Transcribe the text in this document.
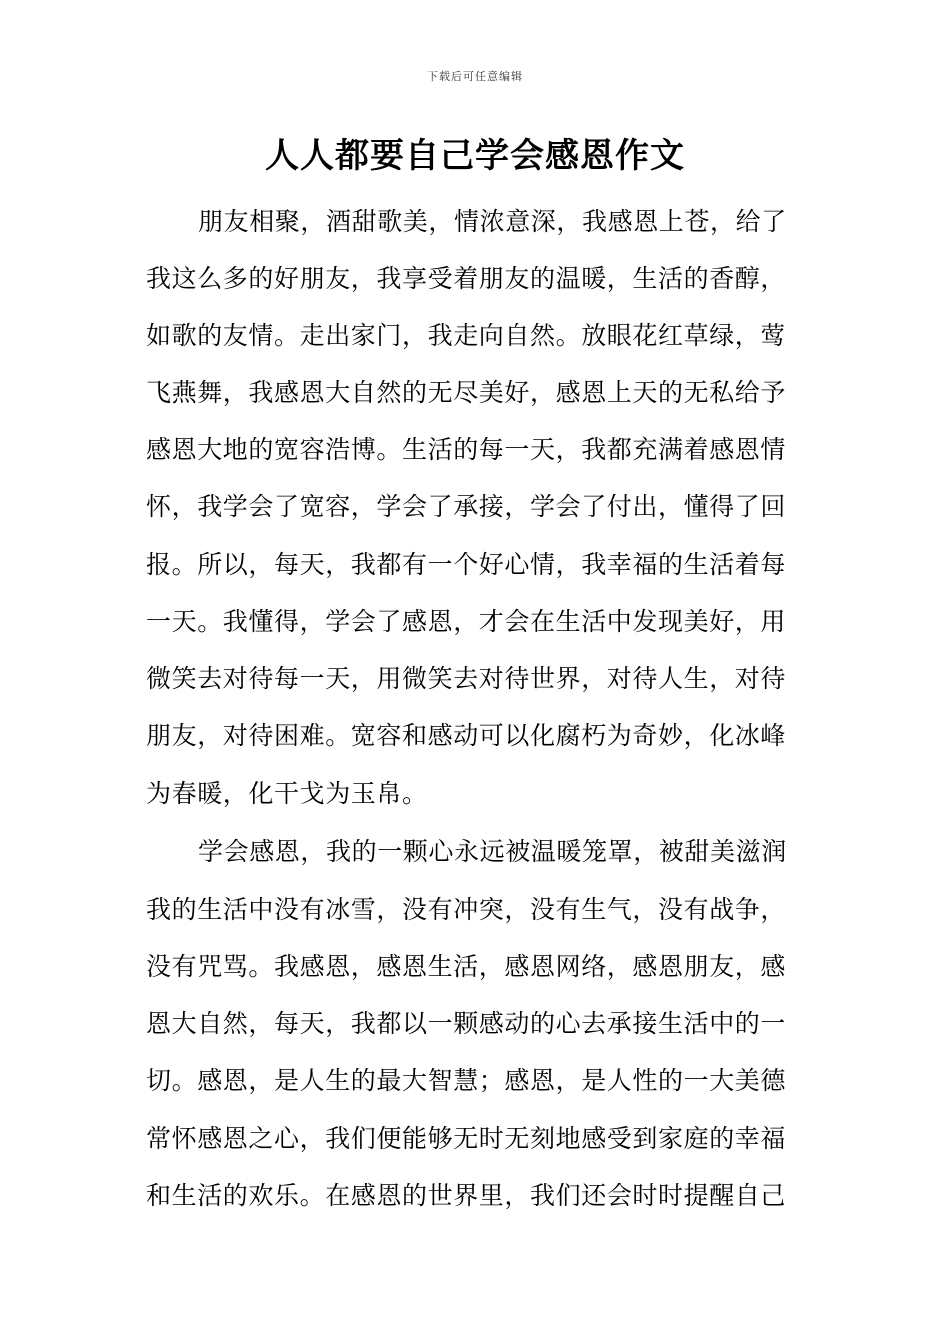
下载后可任意编辑
人人都要自己学会感恩作文
朋友相聚，酒甜歌美，情浓意深，我感恩上苍，给了
我这么多的好朋友，我享受着朋友的温暖，生活的香醇，
如歌的友情。走出家门，我走向自然。放眼花红草绿，莺
飞燕舞，我感恩大自然的无尽美好，感恩上天的无私给予
感恩大地的宽容浩博。生活的每一天，我都充满着感恩情
怀，我学会了宽容，学会了承接，学会了付出，懂得了回
报。所以，每天，我都有一个好心情，我幸福的生活着每
一天。我懂得，学会了感恩，才会在生活中发现美好，用
微笑去对待每一天，用微笑去对待世界，对待人生，对待
朋友，对待困难。宽容和感动可以化腐朽为奇妙，化冰峰
为春暖，化干戈为玉帛。
学会感恩，我的一颗心永远被温暖笼罩，被甜美滋润
我的生活中没有冰雪，没有冲突，没有生气，没有战争，
没有咒骂。我感恩，感恩生活，感恩网络，感恩朋友，感
恩大自然，每天，我都以一颗感动的心去承接生活中的一
切。感恩，是人生的最大智慧；感恩，是人性的一大美德
常怀感恩之心，我们便能够无时无刻地感受到家庭的幸福
和生活的欢乐。在感恩的世界里，我们还会时时提醒自己
